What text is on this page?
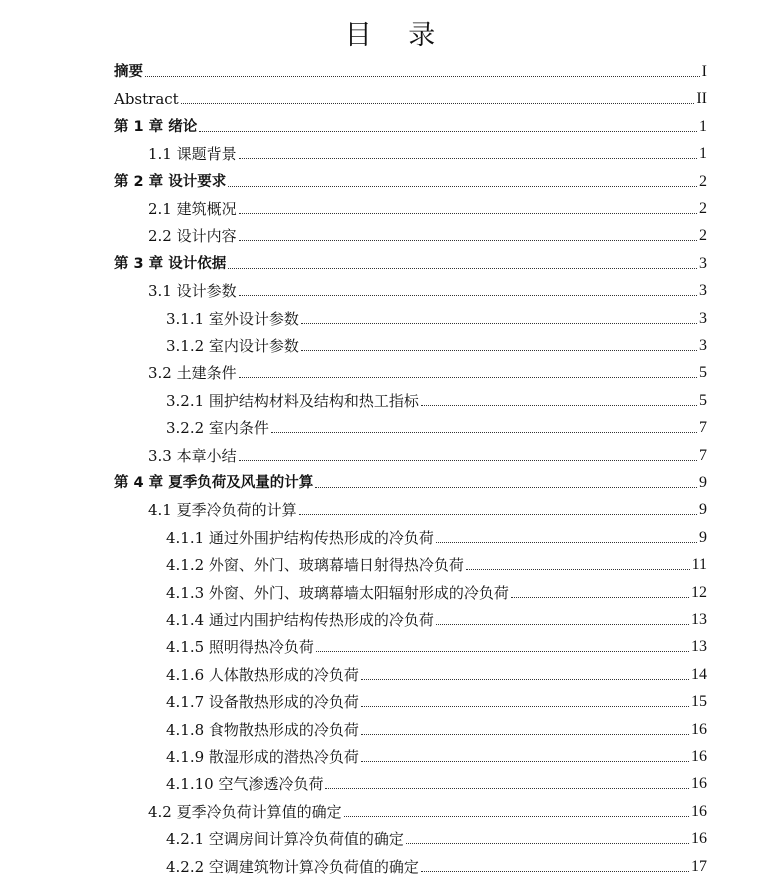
目 录
摘要	I
Abstract	II
第 1 章 绪论	1
1.1 课题背景	1
第 2 章 设计要求	2
2.1 建筑概况	2
2.2 设计内容	2
第 3 章 设计依据	3
3.1 设计参数	3
3.1.1 室外设计参数	3
3.1.2 室内设计参数	3
3.2 土建条件	5
3.2.1 围护结构材料及结构和热工指标	5
3.2.2 室内条件	7
3.3 本章小结	7
第 4 章 夏季负荷及风量的计算	9
4.1 夏季冷负荷的计算	9
4.1.1 通过外围护结构传热形成的冷负荷	9
4.1.2 外窗、外门、玻璃幕墙日射得热冷负荷	11
4.1.3 外窗、外门、玻璃幕墙太阳辐射形成的冷负荷	12
4.1.4 通过内围护结构传热形成的冷负荷	13
4.1.5 照明得热冷负荷	13
4.1.6 人体散热形成的冷负荷	14
4.1.7 设备散热形成的冷负荷	15
4.1.8 食物散热形成的冷负荷	16
4.1.9 散湿形成的潜热冷负荷	16
4.1.10 空气渗透冷负荷	16
4.2 夏季冷负荷计算值的确定	16
4.2.1 空调房间计算冷负荷值的确定	16
4.2.2 空调建筑物计算冷负荷值的确定	17
